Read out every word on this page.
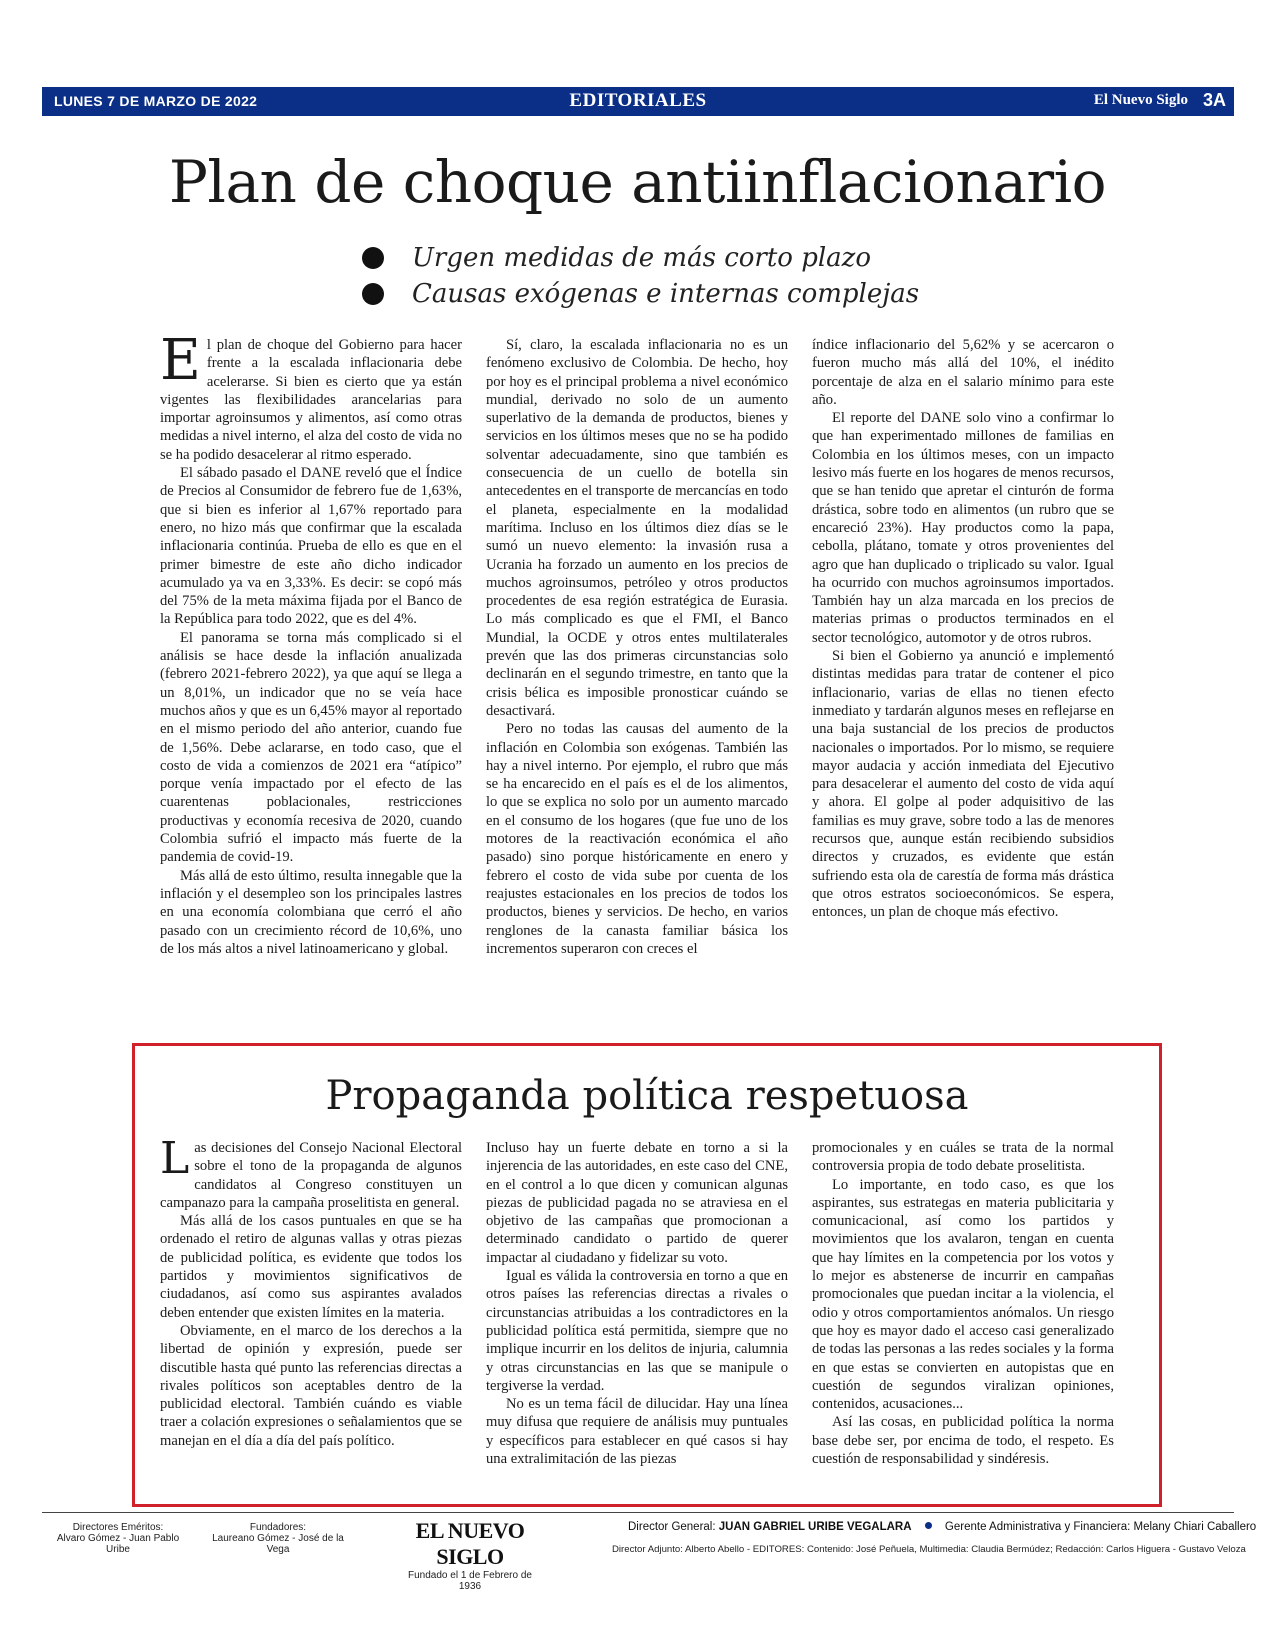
LUNES 7 DE MARZO DE 2022	EDITORIALES	El Nuevo Siglo 3A
Plan de choque antiinflacionario
Urgen medidas de más corto plazo
Causas exógenas e internas complejas
E l plan de choque del Gobierno para hacer frente a la escalada inflacionaria debe acelerarse. Si bien es cierto que ya están vigentes las flexibilidades arancelarias para importar agroinsumos y alimentos, así como otras medidas a nivel interno, el alza del costo de vida no se ha podido desacelerar al ritmo esperado.

El sábado pasado el DANE reveló que el Índice de Precios al Consumidor de febrero fue de 1,63%, que si bien es inferior al 1,67% reportado para enero, no hizo más que confirmar que la escalada inflacionaria continúa. Prueba de ello es que en el primer bimestre de este año dicho indicador acumulado ya va en 3,33%. Es decir: se copó más del 75% de la meta máxima fijada por el Banco de la República para todo 2022, que es del 4%.

El panorama se torna más complicado si el análisis se hace desde la inflación anualizada (febrero 2021-febrero 2022), ya que aquí se llega a un 8,01%, un indicador que no se veía hace muchos años y que es un 6,45% mayor al reportado en el mismo periodo del año anterior, cuando fue de 1,56%. Debe aclararse, en todo caso, que el costo de vida a comienzos de 2021 era “atípico” porque venía impactado por el efecto de las cuarentenas poblacionales, restricciones productivas y economía recesiva de 2020, cuando Colombia sufrió el impacto más fuerte de la pandemia de covid-19.

Más allá de esto último, resulta innegable que la inflación y el desempleo son los principales lastres en una economía colombiana que cerró el año pasado con un crecimiento récord de 10,6%, uno de los más altos a nivel latinoamericano y global.

Sí, claro, la escalada inflacionaria no es un fenómeno exclusivo de Colombia. De hecho, hoy por hoy es el principal problema a nivel económico mundial, derivado no solo de un aumento superlativo de la demanda de productos, bienes y servicios en los últimos meses que no se ha podido solventar adecuadamente, sino que también es consecuencia de un cuello de botella sin antecedentes en el transporte de mercancías en todo el planeta, especialmente en la modalidad marítima. Incluso en los últimos diez días se le sumó un nuevo elemento: la invasión rusa a Ucrania ha forzado un aumento en los precios de muchos agroinsumos, petróleo y otros productos procedentes de esa región estratégica de Eurasia. Lo más complicado es que el FMI, el Banco Mundial, la OCDE y otros entes multilaterales prevén que las dos primeras circunstancias solo declinarán en el segundo trimestre, en tanto que la crisis bélica es imposible pronosticar cuándo se desactivará.

Pero no todas las causas del aumento de la inflación en Colombia son exógenas. También las hay a nivel interno. Por ejemplo, el rubro que más se ha encarecido en el país es el de los alimentos, lo que se explica no solo por un aumento marcado en el consumo de los hogares (que fue uno de los motores de la reactivación económica el año pasado) sino porque históricamente en enero y febrero el costo de vida sube por cuenta de los reajustes estacionales en los precios de todos los productos, bienes y servicios. De hecho, en varios renglones de la canasta familiar básica los incrementos superaron con creces el

índice inflacionario del 5,62% y se acercaron o fueron mucho más allá del 10%, el inédito porcentaje de alza en el salario mínimo para este año.

El reporte del DANE solo vino a confirmar lo que han experimentado millones de familias en Colombia en los últimos meses, con un impacto lesivo más fuerte en los hogares de menos recursos, que se han tenido que apretar el cinturón de forma drástica, sobre todo en alimentos (un rubro que se encareció 23%). Hay productos como la papa, cebolla, plátano, tomate y otros provenientes del agro que han duplicado o triplicado su valor. Igual ha ocurrido con muchos agroinsumos importados. También hay un alza marcada en los precios de materias primas o productos terminados en el sector tecnológico, automotor y de otros rubros.

Si bien el Gobierno ya anunció e implementó distintas medidas para tratar de contener el pico inflacionario, varias de ellas no tienen efecto inmediato y tardarán algunos meses en reflejarse en una baja sustancial de los precios de productos nacionales o importados. Por lo mismo, se requiere mayor audacia y acción inmediata del Ejecutivo para desacelerar el aumento del costo de vida aquí y ahora. El golpe al poder adquisitivo de las familias es muy grave, sobre todo a las de menores recursos que, aunque están recibiendo subsidios directos y cruzados, es evidente que están sufriendo esta ola de carestía de forma más drástica que otros estratos socioeconómicos. Se espera, entonces, un plan de choque más efectivo.

Propaganda política respetuosa
L as decisiones del Consejo Nacional Electoral sobre el tono de la propaganda de algunos candidatos al Congreso constituyen un campanazo para la campaña proselitista en general.

Más allá de los casos puntuales en que se ha ordenado el retiro de algunas vallas y otras piezas de publicidad política, es evidente que todos los partidos y movimientos significativos de ciudadanos, así como sus aspirantes avalados deben entender que existen límites en la materia.

Obviamente, en el marco de los derechos a la libertad de opinión y expresión, puede ser discutible hasta qué punto las referencias directas a rivales políticos son aceptables dentro de la publicidad electoral. También cuándo es viable traer a colación expresiones o señalamientos que se manejan en el día a día del país político.

Incluso hay un fuerte debate en torno a si la injerencia de las autoridades, en este caso del CNE, en el control a lo que dicen y comunican algunas piezas de publicidad pagada no se atraviesa en el objetivo de las campañas que promocionan a determinado candidato o partido de querer impactar al ciudadano y fidelizar su voto.

Igual es válida la controversia en torno a que en otros países las referencias directas a rivales o circunstancias atribuidas a los contradictores en la publicidad política está permitida, siempre que no implique incurrir en los delitos de injuria, calumnia y otras circunstancias en las que se manipule o tergiverse la verdad.

No es un tema fácil de dilucidar. Hay una línea muy difusa que requiere de análisis muy puntuales y específicos para establecer en qué casos si hay una extralimitación de las piezas

promocionales y en cuáles se trata de la normal controversia propia de todo debate proselitista.

Lo importante, en todo caso, es que los aspirantes, sus estrategas en materia publicitaria y comunicacional, así como los partidos y movimientos que los avalaron, tengan en cuenta que hay límites en la competencia por los votos y lo mejor es abstenerse de incurrir en campañas promocionales que puedan incitar a la violencia, el odio y otros comportamientos anómalos. Un riesgo que hoy es mayor dado el acceso casi generalizado de todas las personas a las redes sociales y la forma en que estas se convierten en autopistas que en cuestión de segundos viralizan opiniones, contenidos, acusaciones...

Así las cosas, en publicidad política la norma base debe ser, por encima de todo, el respeto. Es cuestión de responsabilidad y sindéresis.

Directores Eméritos:
Alvaro Gómez - Juan Pablo Uribe
Fundadores:
Laureano Gómez - José de la Vega
EL NUEVO SIGLO
Fundado el 1 de Febrero de 1936
Director General: JUAN GABRIEL URIBE VEGALARA	Gerente Administrativa y Financiera: Melany Chiari Caballero
Director Adjunto: Alberto Abello - EDITORES: Contenido: José Peñuela, Multimedia: Claudia Bermúdez; Redacción: Carlos Higuera - Gustavo Veloza
